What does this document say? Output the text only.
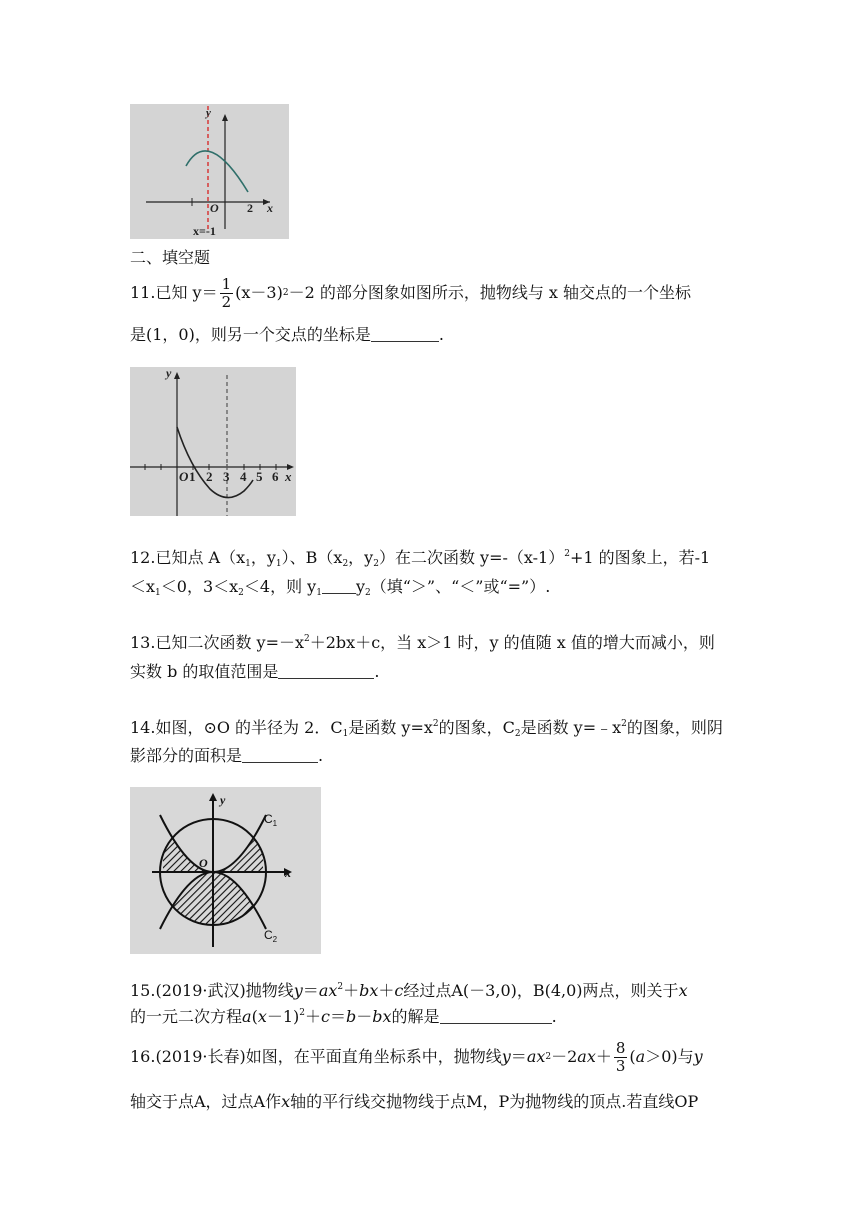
y
O 2 x
x=-1
二、填空题
11.已知 $y= \frac{1}{2} (x-3)$ 2 －2 的部分图象如图所示，抛物线与 x 轴交点的一个坐标
是(1，0)，则另一个交点的坐标是	.
y
O 1 2 3 4 5 6 x
12.已知点 $A(x_1$，$y_1$）、$B(x_2$，$y_2$）在二次函数 $y=-(x-1)^2+1$ 的图象上，若-1
$<x_1<0$，$3<x_2<4$，则 $y_1$ $y_2$（填“＞”、“＜”或“=”）.
13.已知二次函数 $y=-x^2+2bx+c$，当 x＞1 时，y 的值随 x 值的增大而减小，则
实数 b 的取值范围是	.
14.如图，⊙O 的半径为 2．$C_1$是函数 $y=x^2$的图象，$C_2$是函数 $y=﹣x^2$的图象，则阴
影部分的面积是	.
y
O
x
$C_1$
$C_2$
15.(2019·武汉)抛物线$y=ax^2+bx+c$经过点A(－3,0)，B(4,0)两点，则关于x
的一元二次方程$a(x-1)^2+c=b-bx$的解是	.
16.(2019·长春)如图，在平面直角坐标系中，抛物线 y ＝ ax 2 －2 ax ＋ $\frac{8}{3}$ ( a ＞0)与 y
轴交于点A，过点A作x轴的平行线交抛物线于点M，P为抛物线的顶点.若直线OP
